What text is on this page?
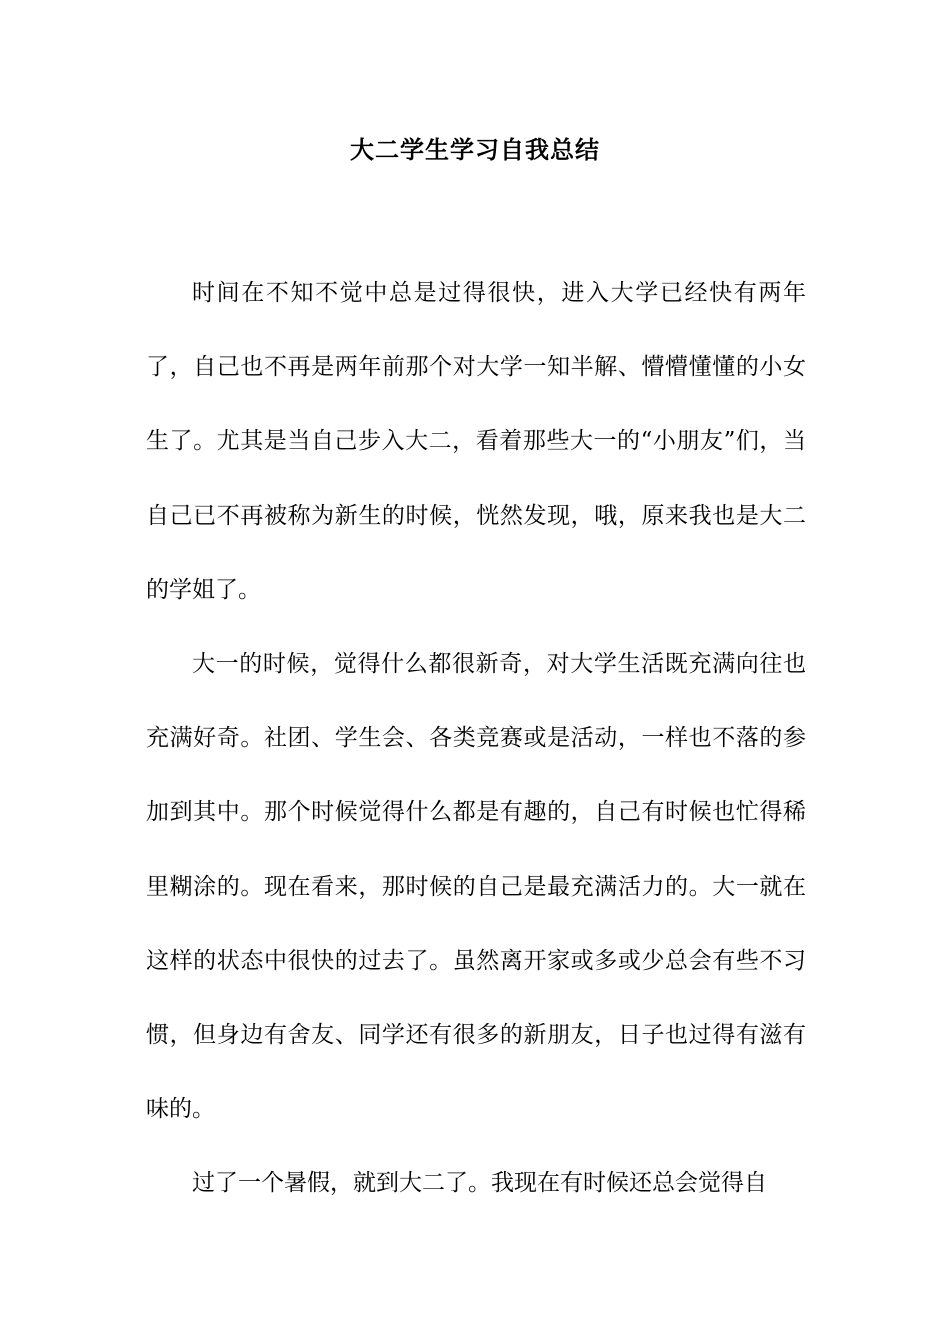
大二学生学习自我总结

时间在不知不觉中总是过得很快，进入大学已经快有两年了，自己也不再是两年前那个对大学一知半解、懵懵懂懂的小女生了。尤其是当自己步入大二，看着那些大一的“小朋友”们，当自己已不再被称为新生的时候，恍然发现，哦，原来我也是大二的学姐了。

大一的时候，觉得什么都很新奇，对大学生活既充满向往也充满好奇。社团、学生会、各类竞赛或是活动，一样也不落的参加到其中。那个时候觉得什么都是有趣的，自己有时候也忙得稀里糊涂的。现在看来，那时候的自己是最充满活力的。大一就在这样的状态中很快的过去了。虽然离开家或多或少总会有些不习惯，但身边有舍友、同学还有很多的新朋友，日子也过得有滋有味的。

过了一个暑假，就到大二了。我现在有时候还总会觉得自
